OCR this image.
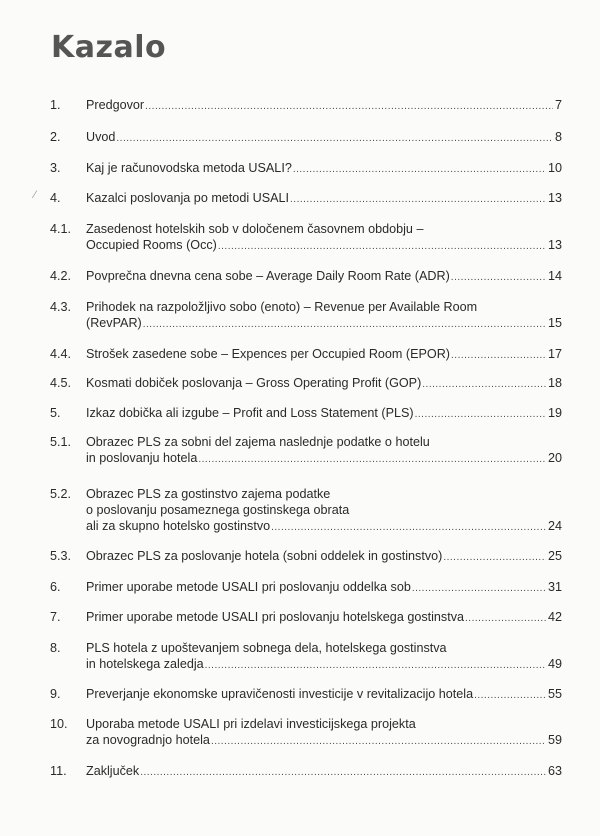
Kazalo
⁄
1.	Predgovor .....	7
2.	Uvod .....	8
3.	Kaj je računovodska metoda USALI? .....	10
4.	Kazalci poslovanja po metodi USALI .....	13
4.1.	Zasedenost hotelskih sob v določenem časovnem obdobju –
Occupied Rooms (Occ) .....	13
4.2.	Povprečna dnevna cena sobe – Average Daily Room Rate (ADR) .....	14
4.3.	Prihodek na razpoložljivo sobo (enoto) – Revenue per Available Room
(RevPAR) .....	15
4.4.	Strošek zasedene sobe – Expences per Occupied Room (EPOR) .....	17
4.5.	Kosmati dobiček poslovanja – Gross Operating Profit (GOP) .....	18
5.	Izkaz dobička ali izgube – Profit and Loss Statement (PLS) .....	19
5.1.	Obrazec PLS za sobni del zajema naslednje podatke o hotelu
in poslovanju hotela .....	20
5.2.	Obrazec PLS za gostinstvo zajema podatke
o poslovanju posameznega gostinskega obrata
ali za skupno hotelsko gostinstvo .....	24
5.3.	Obrazec PLS za poslovanje hotela (sobni oddelek in gostinstvo) .....	25
6.	Primer uporabe metode USALI pri poslovanju oddelka sob .....	31
7.	Primer uporabe metode USALI pri poslovanju hotelskega gostinstva .....	42
8.	PLS hotela z upoštevanjem sobnega dela, hotelskega gostinstva
in hotelskega zaledja .....	49
9.	Preverjanje ekonomske upravičenosti investicije v revitalizacijo hotela .....	55
10.	Uporaba metode USALI pri izdelavi investicijskega projekta
za novogradnjo hotela .....	59
11.	Zaključek .....	63
